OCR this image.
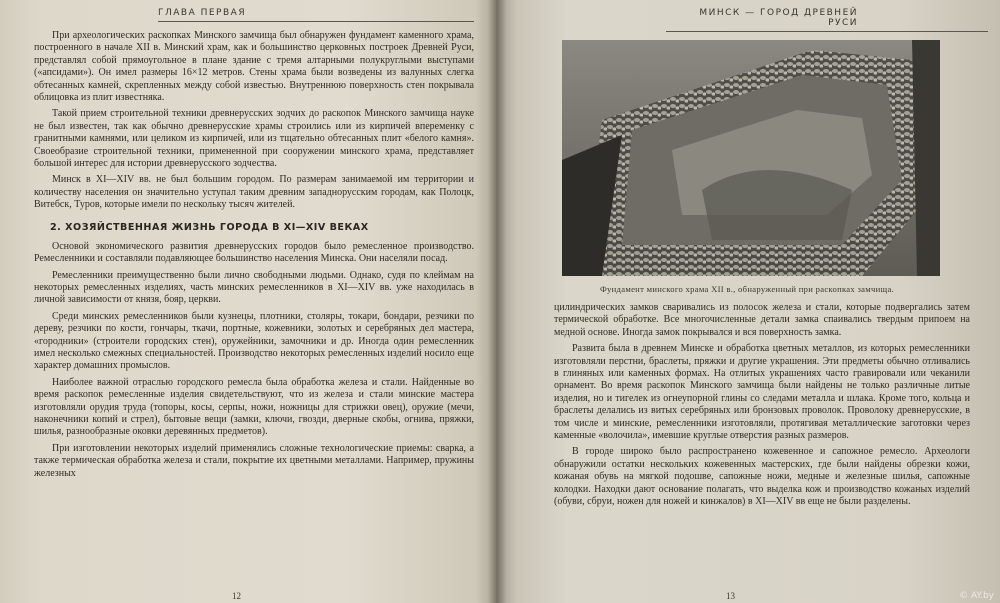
ГЛАВА ПЕРВАЯ

При археологических раскопках Минского замчища был обнаружен фундамент каменного храма, построенного в начале XII в. Минский храм, как и большинство церковных построек Древней Руси, представлял собой прямоугольное в плане здание с тремя алтарными полукруглыми выступами («апсидами»). Он имел размеры 16×12 метров. Стены храма были возведены из валунных слегка обтесанных камней, скрепленных между собой известью. Внутреннюю поверхность стен покрывала облицовка из плит известняка.

Такой прием строительной техники древнерусских зодчих до раскопок Минского замчища науке не был известен, так как обычно древнерусские храмы строились или из кирпичей впеременку с гранитными камнями, или целиком из кирпичей, или из тщательно обтесанных плит «белого камня». Своеобразие строительной техники, примененной при сооружении минского храма, представляет большой интерес для истории древнерусского зодчества.

Минск в XI—XIV вв. не был большим городом. По размерам занимаемой им территории и количеству населения он значительно уступал таким древним западнорусским городам, как Полоцк, Витебск, Туров, которые имели по нескольку тысяч жителей.

2. ХОЗЯЙСТВЕННАЯ ЖИЗНЬ ГОРОДА В XI—XIV ВЕКАХ

Основой экономического развития древнерусских городов было ремесленное производство. Ремесленники и составляли подавляющее большинство населения Минска. Они населяли посад.

Ремесленники преимущественно были лично свободными людьми. Однако, судя по клеймам на некоторых ремесленных изделиях, часть минских ремесленников в XI—XIV вв. уже находилась в личной зависимости от князя, бояр, церкви.

Среди минских ремесленников были кузнецы, плотники, столяры, токари, бондари, резчики по дереву, резчики по кости, гончары, ткачи, портные, кожевники, золотых и серебряных дел мастера, «городники» (строители городских стен), оружейники, замочники и др. Иногда один ремесленник имел несколько смежных специальностей. Производство некоторых ремесленных изделий носило еще характер домашних промыслов.

Наиболее важной отраслью городского ремесла была обработка железа и стали. Найденные во время раскопок ремесленные изделия свидетельствуют, что из железа и стали минские мастера изготовляли орудия труда (топоры, косы, серпы, ножи, ножницы для стрижки овец), оружие (мечи, наконечники копий и стрел), бытовые вещи (замки, ключи, гвозди, дверные скобы, огнива, пряжки, шилья, разнообразные оковки деревянных предметов).

При изготовлении некоторых изделий применялись сложные технологические приемы: сварка, а также термическая обработка железа и стали, покрытие их цветными металлами. Например, пружины железных

12
МИНСК — ГОРОД ДРЕВНЕЙ РУСИ
Фундамент минского храма XII в., обнаруженный при раскопках замчища.

цилиндрических замков сваривались из полосок железа и стали, которые подвергались затем термической обработке. Все многочисленные детали замка спаивались твердым припоем на медной основе. Иногда замок покрывался и вся поверхность замка.

Развита была в древнем Минске и обработка цветных металлов, из которых ремесленники изготовляли перстни, браслеты, пряжки и другие украшения. Эти предметы обычно отливались в глиняных или каменных формах. На отлитых украшениях часто гравировали или чеканили орнамент. Во время раскопок Минского замчища были найдены не только различные литые изделия, но и тигелек из огнеупорной глины со следами металла и шлака. Кроме того, кольца и браслеты делались из витых серебряных или бронзовых проволок. Проволоку древнерусские, в том числе и минские, ремесленники изготовляли, протягивая металлические заготовки через каменные «волочила», имевшие круглые отверстия разных размеров.

В городе широко было распространено кожевенное и сапожное ремесло. Археологи обнаружили остатки нескольких кожевенных мастерских, где были найдены обрезки кожи, кожаная обувь на мягкой подошве, сапожные ножи, медные и железные шилья, сапожные колодки. Находки дают основание полагать, что выделка кож и производство кожаных изделий (обуви, сбруи, ножен для ножей и кинжалов) в XI—XIV вв еще не были разделены.

13	© AY.by
